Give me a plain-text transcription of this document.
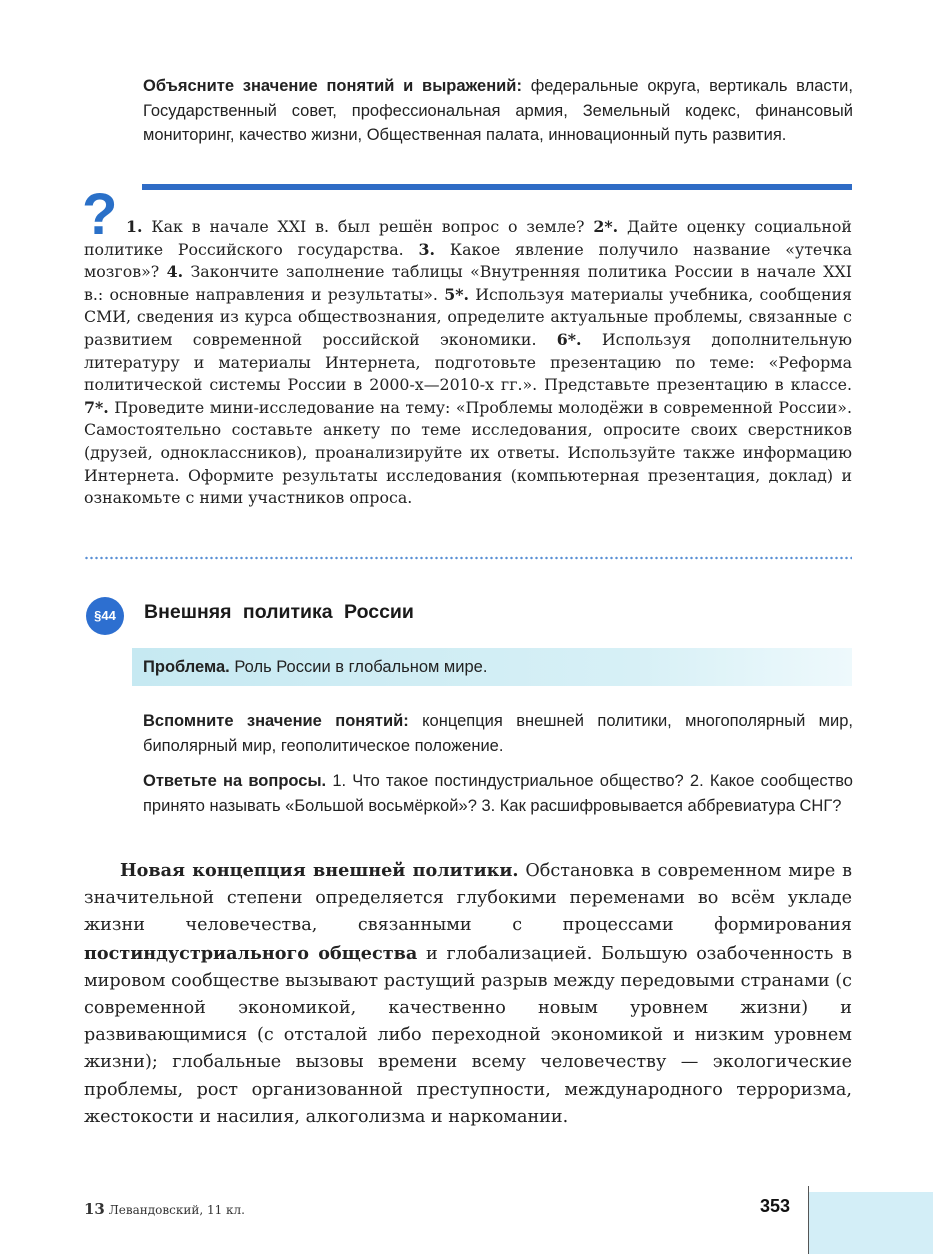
Объясните значение понятий и выражений: федеральные округа, вертикаль власти, Государственный совет, профессиональная армия, Земельный кодекс, финансовый мониторинг, качество жизни, Общественная палата, инновационный путь развития.
? 1. Как в начале XXI в. был решён вопрос о земле? 2*. Дайте оценку социальной политике Российского государства. 3. Какое явление получило название «утечка мозгов»? 4. Закончите заполнение таблицы «Внутренняя политика России в начале XXI в.: основные направления и результаты». 5*. Используя материалы учебника, сообщения СМИ, сведения из курса обществознания, определите актуальные проблемы, связанные с развитием современной российской экономики. 6*. Используя дополнительную литературу и материалы Интернета, подготовьте презентацию по теме: «Реформа политической системы России в 2000-х—2010-х гг.». Представьте презентацию в классе. 7*. Проведите мини-исследование на тему: «Проблемы молодёжи в современной России». Самостоятельно составьте анкету по теме исследования, опросите своих сверстников (друзей, одноклассников), проанализируйте их ответы. Используйте также информацию Интернета. Оформите результаты исследования (компьютерная презентация, доклад) и ознакомьте с ними участников опроса.
§44	Внешняя политика России
Проблема. Роль России в глобальном мире.
Вспомните значение понятий: концепция внешней политики, многополярный мир, биполярный мир, геополитическое положение.
Ответьте на вопросы. 1. Что такое постиндустриальное общество? 2. Какое сообщество принято называть «Большой восьмёркой»? 3. Как расшифровывается аббревиатура СНГ?
Новая концепция внешней политики. Обстановка в современном мире в значительной степени определяется глубокими переменами во всём укладе жизни человечества, связанными с процессами формирования постиндустриального общества и глобализацией. Большую озабоченность в мировом сообществе вызывают растущий разрыв между передовыми странами (с современной экономикой, качественно новым уровнем жизни) и развивающимися (с отсталой либо переходной экономикой и низким уровнем жизни); глобальные вызовы времени всему человечеству — экологические проблемы, рост организованной преступности, международного терроризма, жестокости и насилия, алкоголизма и наркомании.
13 Левандовский, 11 кл.	353
